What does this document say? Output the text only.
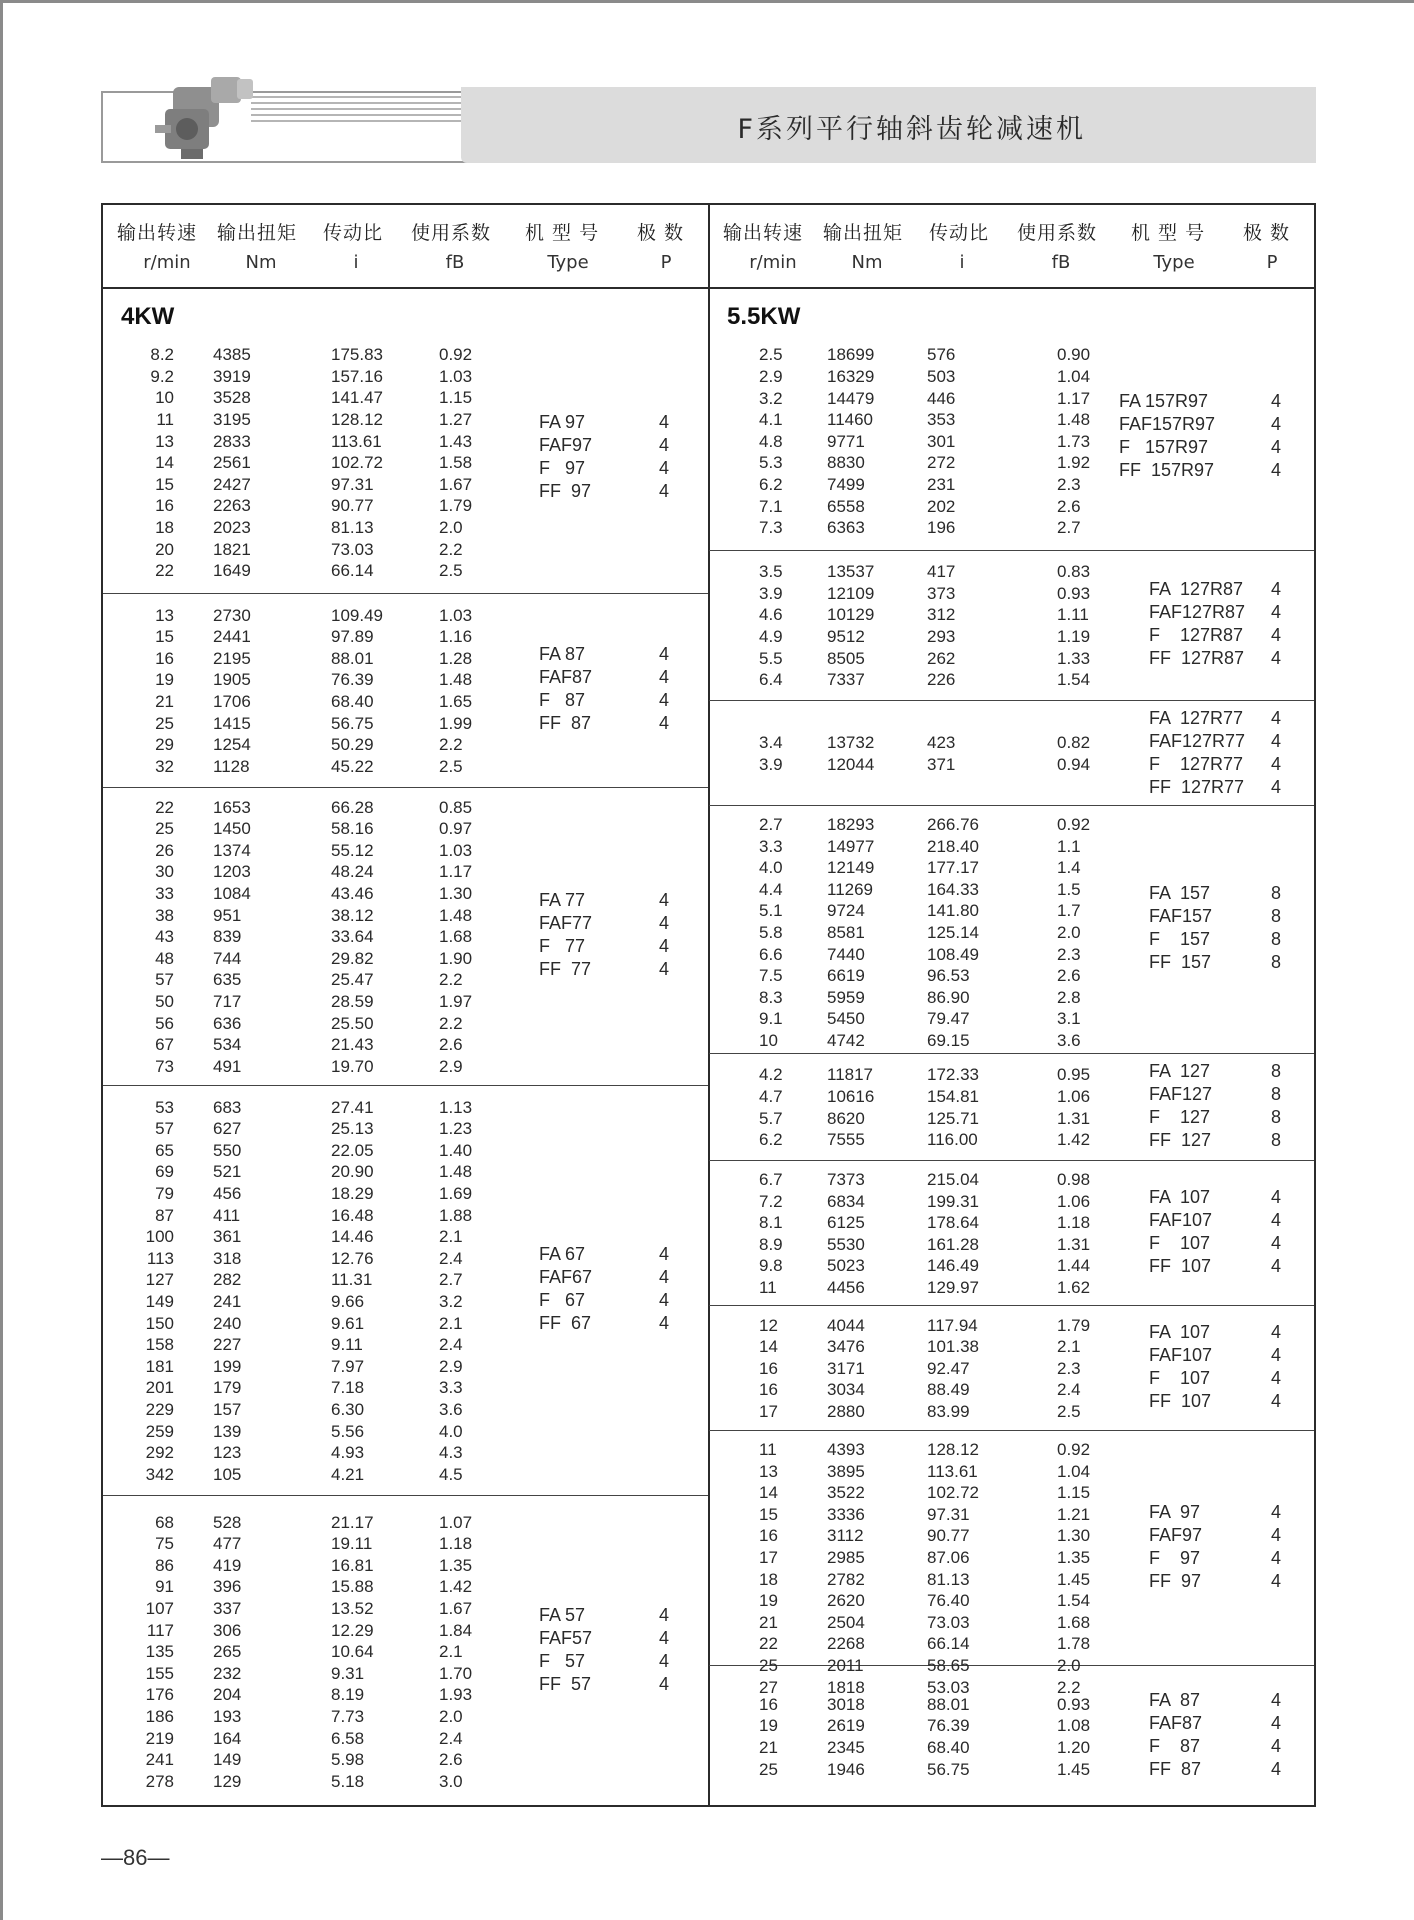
F系列平行轴斜齿轮减速机
输出转速
r/min
输出扭矩
Nm
传动比
i
使用系数
fB
机 型 号
Type
极 数
P
4KW
8.2 4385	175.83	0.92
9.2 3919	157.16	1.03
10 3528	141.47	1.15
11 3195	128.12	1.27
13 2833	113.61	1.43
14 2561	102.72	1.58
15 2427	97.31	1.67
16 2263	90.77	1.79
18 2023	81.13	2.0
20 1821	73.03	2.2
22 1649	66.14	2.5
FA 97	4
FAF97	4
F   97	4
FF  97	4
13 2730	109.49	1.03
15 2441	97.89	1.16
16 2195	88.01	1.28
19 1905	76.39	1.48
21 1706	68.40	1.65
25 1415	56.75	1.99
29 1254	50.29	2.2
32 1128	45.22	2.5
FA 87	4
FAF87	4
F   87	4
FF  87	4
22 1653	66.28	0.85
25 1450	58.16	0.97
26 1374	55.12	1.03
30 1203	48.24	1.17
33 1084	43.46	1.30
38 951	38.12	1.48
43 839	33.64	1.68
48 744	29.82	1.90
57 635	25.47	2.2
50 717	28.59	1.97
56 636	25.50	2.2
67 534	21.43	2.6
73 491	19.70	2.9
FA 77	4
FAF77	4
F   77	4
FF  77	4
53 683	27.41	1.13
57 627	25.13	1.23
65 550	22.05	1.40
69 521	20.90	1.48
79 456	18.29	1.69
87 411	16.48	1.88
100 361	14.46	2.1
113 318	12.76	2.4
127 282	11.31	2.7
149 241	9.66	3.2
150 240	9.61	2.1
158 227	9.11	2.4
181 199	7.97	2.9
201 179	7.18	3.3
229 157	6.30	3.6
259 139	5.56	4.0
292 123	4.93	4.3
342 105	4.21	4.5
FA 67	4
FAF67	4
F   67	4
FF  67	4
68 528	21.17	1.07
75 477	19.11	1.18
86 419	16.81	1.35
91 396	15.88	1.42
107 337	13.52	1.67
117 306	12.29	1.84
135 265	10.64	2.1
155 232	9.31	1.70
176 204	8.19	1.93
186 193	7.73	2.0
219 164	6.58	2.4
241 149	5.98	2.6
278 129	5.18	3.0
FA 57	4
FAF57	4
F   57	4
FF  57	4
输出转速
r/min
输出扭矩
Nm
传动比
i
使用系数
fB
机 型 号
Type
极 数
P
5.5KW
2.5	18699	576	0.90
2.9	16329	503	1.04
3.2	14479	446	1.17
4.1	11460	353	1.48
4.8	9771	301	1.73
5.3	8830	272	1.92
6.2	7499	231	2.3
7.1	6558	202	2.6
7.3	6363	196	2.7
FA 157R97	4
FAF157R97	4
F   157R97	4
FF  157R97	4
3.5	13537	417	0.83
3.9	12109	373	0.93
4.6	10129	312	1.11
4.9	9512	293	1.19
5.5	8505	262	1.33
6.4	7337	226	1.54
FA  127R87 4
FAF127R87 4
F    127R87 4
FF  127R87 4
3.4	13732	423	0.82
3.9	12044	371	0.94
FA  127R77 4
FAF127R77 4
F    127R77 4
FF  127R77 4
2.7	18293	266.76	0.92
3.3	14977	218.40	1.1
4.0	12149	177.17	1.4
4.4	11269	164.33	1.5
5.1	9724	141.80	1.7
5.8	8581	125.14	2.0
6.6	7440	108.49	2.3
7.5	6619	96.53	2.6
8.3	5959	86.90	2.8
9.1	5450	79.47	3.1
10	4742	69.15	3.6
FA  157	8
FAF157	8
F    157	8
FF  157	8
4.2	11817	172.33	0.95
4.7	10616	154.81	1.06
5.7	8620	125.71	1.31
6.2	7555	116.00	1.42
FA  127	8
FAF127	8
F    127	8
FF  127	8
6.7	7373	215.04	0.98
7.2	6834	199.31	1.06
8.1	6125	178.64	1.18
8.9	5530	161.28	1.31
9.8	5023	146.49	1.44
11	4456	129.97	1.62
FA  107	4
FAF107	4
F    107	4
FF  107	4
12	4044	117.94	1.79
14	3476	101.38	2.1
16	3171	92.47	2.3
16	3034	88.49	2.4
17	2880	83.99	2.5
FA  107	4
FAF107	4
F    107	4
FF  107	4
11	4393	128.12	0.92
13	3895	113.61	1.04
14	3522	102.72	1.15
15	3336	97.31	1.21
16	3112	90.77	1.30
17	2985	87.06	1.35
18	2782	81.13	1.45
19	2620	76.40	1.54
21	2504	73.03	1.68
22	2268	66.14	1.78
25	2011	58.65	2.0
27	1818	53.03	2.2
FA  97	4
FAF97	4
F    97	4
FF  97	4
16	3018	88.01	0.93
19	2619	76.39	1.08
21	2345	68.40	1.20
25	1946	56.75	1.45
FA  87	4
FAF87	4
F    87	4
FF  87	4
—86—
